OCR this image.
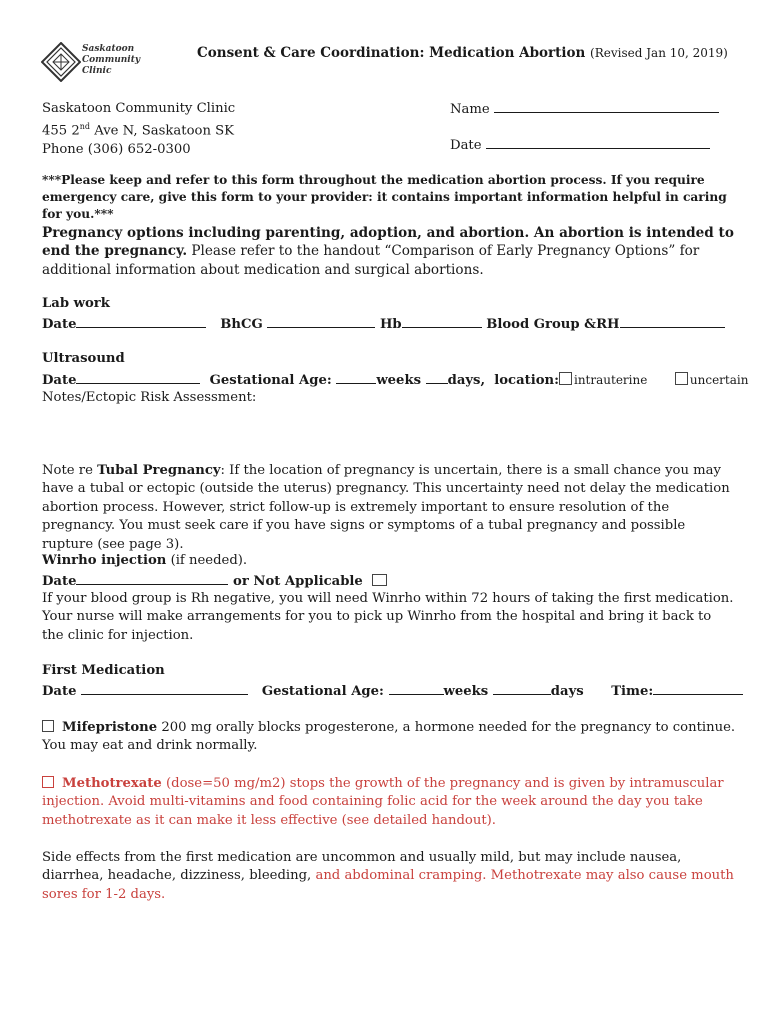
Saskatoon
Community
Clinic
Consent & Care Coordination: Medication Abortion (Revised Jan 10, 2019)
Saskatoon Community Clinic
455 2nd Ave N, Saskatoon SK
Phone (306) 652-0300
Name
Date
***Please keep and refer to this form throughout the medication abortion process. If you require emergency care, give this form to your provider: it contains important information helpful in caring for you.***
Pregnancy options including parenting, adoption, and abortion. An abortion is intended to end the pregnancy. Please refer to the handout “Comparison of Early Pregnancy Options” for additional information about medication and surgical abortions.
Lab work
Date	BhCG	Hb	Blood Group &RH
Ultrasound
Date	Gestational Age:	weeks days, location: intrauterine	uncertain
Notes/Ectopic Risk Assessment:
Note re Tubal Pregnancy: If the location of pregnancy is uncertain, there is a small chance you may have a tubal or ectopic (outside the uterus) pregnancy. This uncertainty need not delay the medication abortion process. However, strict follow-up is extremely important to ensure resolution of the pregnancy. You must seek care if you have signs or symptoms of a tubal pregnancy and possible rupture (see page 3).
Winrho injection (if needed).
Date	or Not Applicable
If your blood group is Rh negative, you will need Winrho within 72 hours of taking the first medication. Your nurse will make arrangements for you to pick up Winrho from the hospital and bring it back to the clinic for injection.
First Medication
Date	Gestational Age:	weeks	days Time:
Mifepristone 200 mg orally blocks progesterone, a hormone needed for the pregnancy to continue. You may eat and drink normally.
Methotrexate (dose=50 mg/m2) stops the growth of the pregnancy and is given by intramuscular injection. Avoid multi-vitamins and food containing folic acid for the week around the day you take methotrexate as it can make it less effective (see detailed handout).
Side effects from the first medication are uncommon and usually mild, but may include nausea, diarrhea, headache, dizziness, bleeding, and abdominal cramping. Methotrexate may also cause mouth sores for 1-2 days.
